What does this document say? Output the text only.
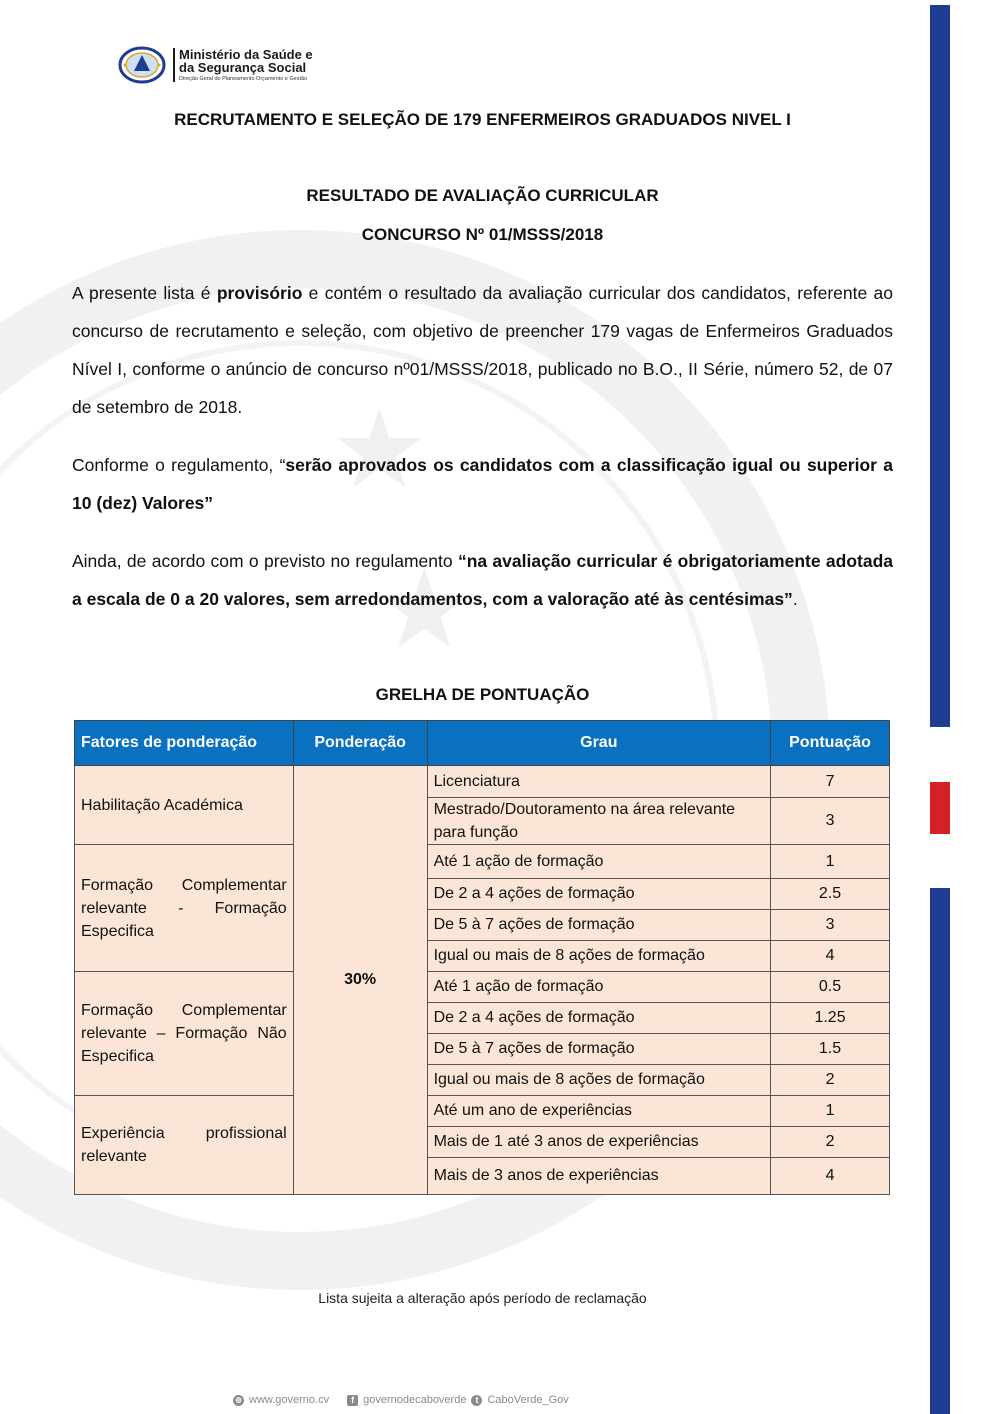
★
★
Ministério da Saúde e
da Segurança Social
Direção Geral do Planeamento Orçamento e Gestão
RECRUTAMENTO E SELEÇÃO DE 179 ENFERMEIROS GRADUADOS NIVEL I
RESULTADO DE AVALIAÇÃO CURRICULAR
CONCURSO Nº 01/MSSS/2018
A presente lista é provisório e contém o resultado da avaliação curricular dos candidatos, referente ao concurso de recrutamento e seleção, com objetivo de preencher 179 vagas de Enfermeiros Graduados Nível I, conforme o anúncio de concurso nº01/MSSS/2018, publicado no B.O., II Série, número 52, de 07 de setembro de 2018.
Conforme o regulamento, “serão aprovados os candidatos com a classificação igual ou superior a 10 (dez) Valores”
Ainda, de acordo com o previsto no regulamento “na avaliação curricular é obrigatoriamente adotada a escala de 0 a 20 valores, sem arredondamentos, com a valoração até às centésimas”.
GRELHA DE PONTUAÇÃO
Fatores de ponderação	Ponderação	Grau	Pontuação
Habilitação Académica	30%	Licenciatura	7
		Mestrado/Doutoramento na área relevante para função	3
Formação Complementar relevante - Formação Especifica		Até 1 ação de formação	1
		De 2 a 4 ações de formação	2.5
		De 5 à 7 ações de formação	3
		Igual ou mais de 8 ações de formação	4
Formação Complementar relevante – Formação Não Especifica		Até 1 ação de formação	0.5
		De 2 a 4 ações de formação	1.25
		De 5 à 7 ações de formação	1.5
		Igual ou mais de 8 ações de formação	2
Experiência profissional relevante		Até um ano de experiências	1
		Mais de 1 até 3 anos de experiências	2
		Mais de 3 anos de experiências	4
Lista sujeita a alteração após período de reclamação
⊕ www.governo.cv	f governodecaboverde	t CaboVerde_Gov
